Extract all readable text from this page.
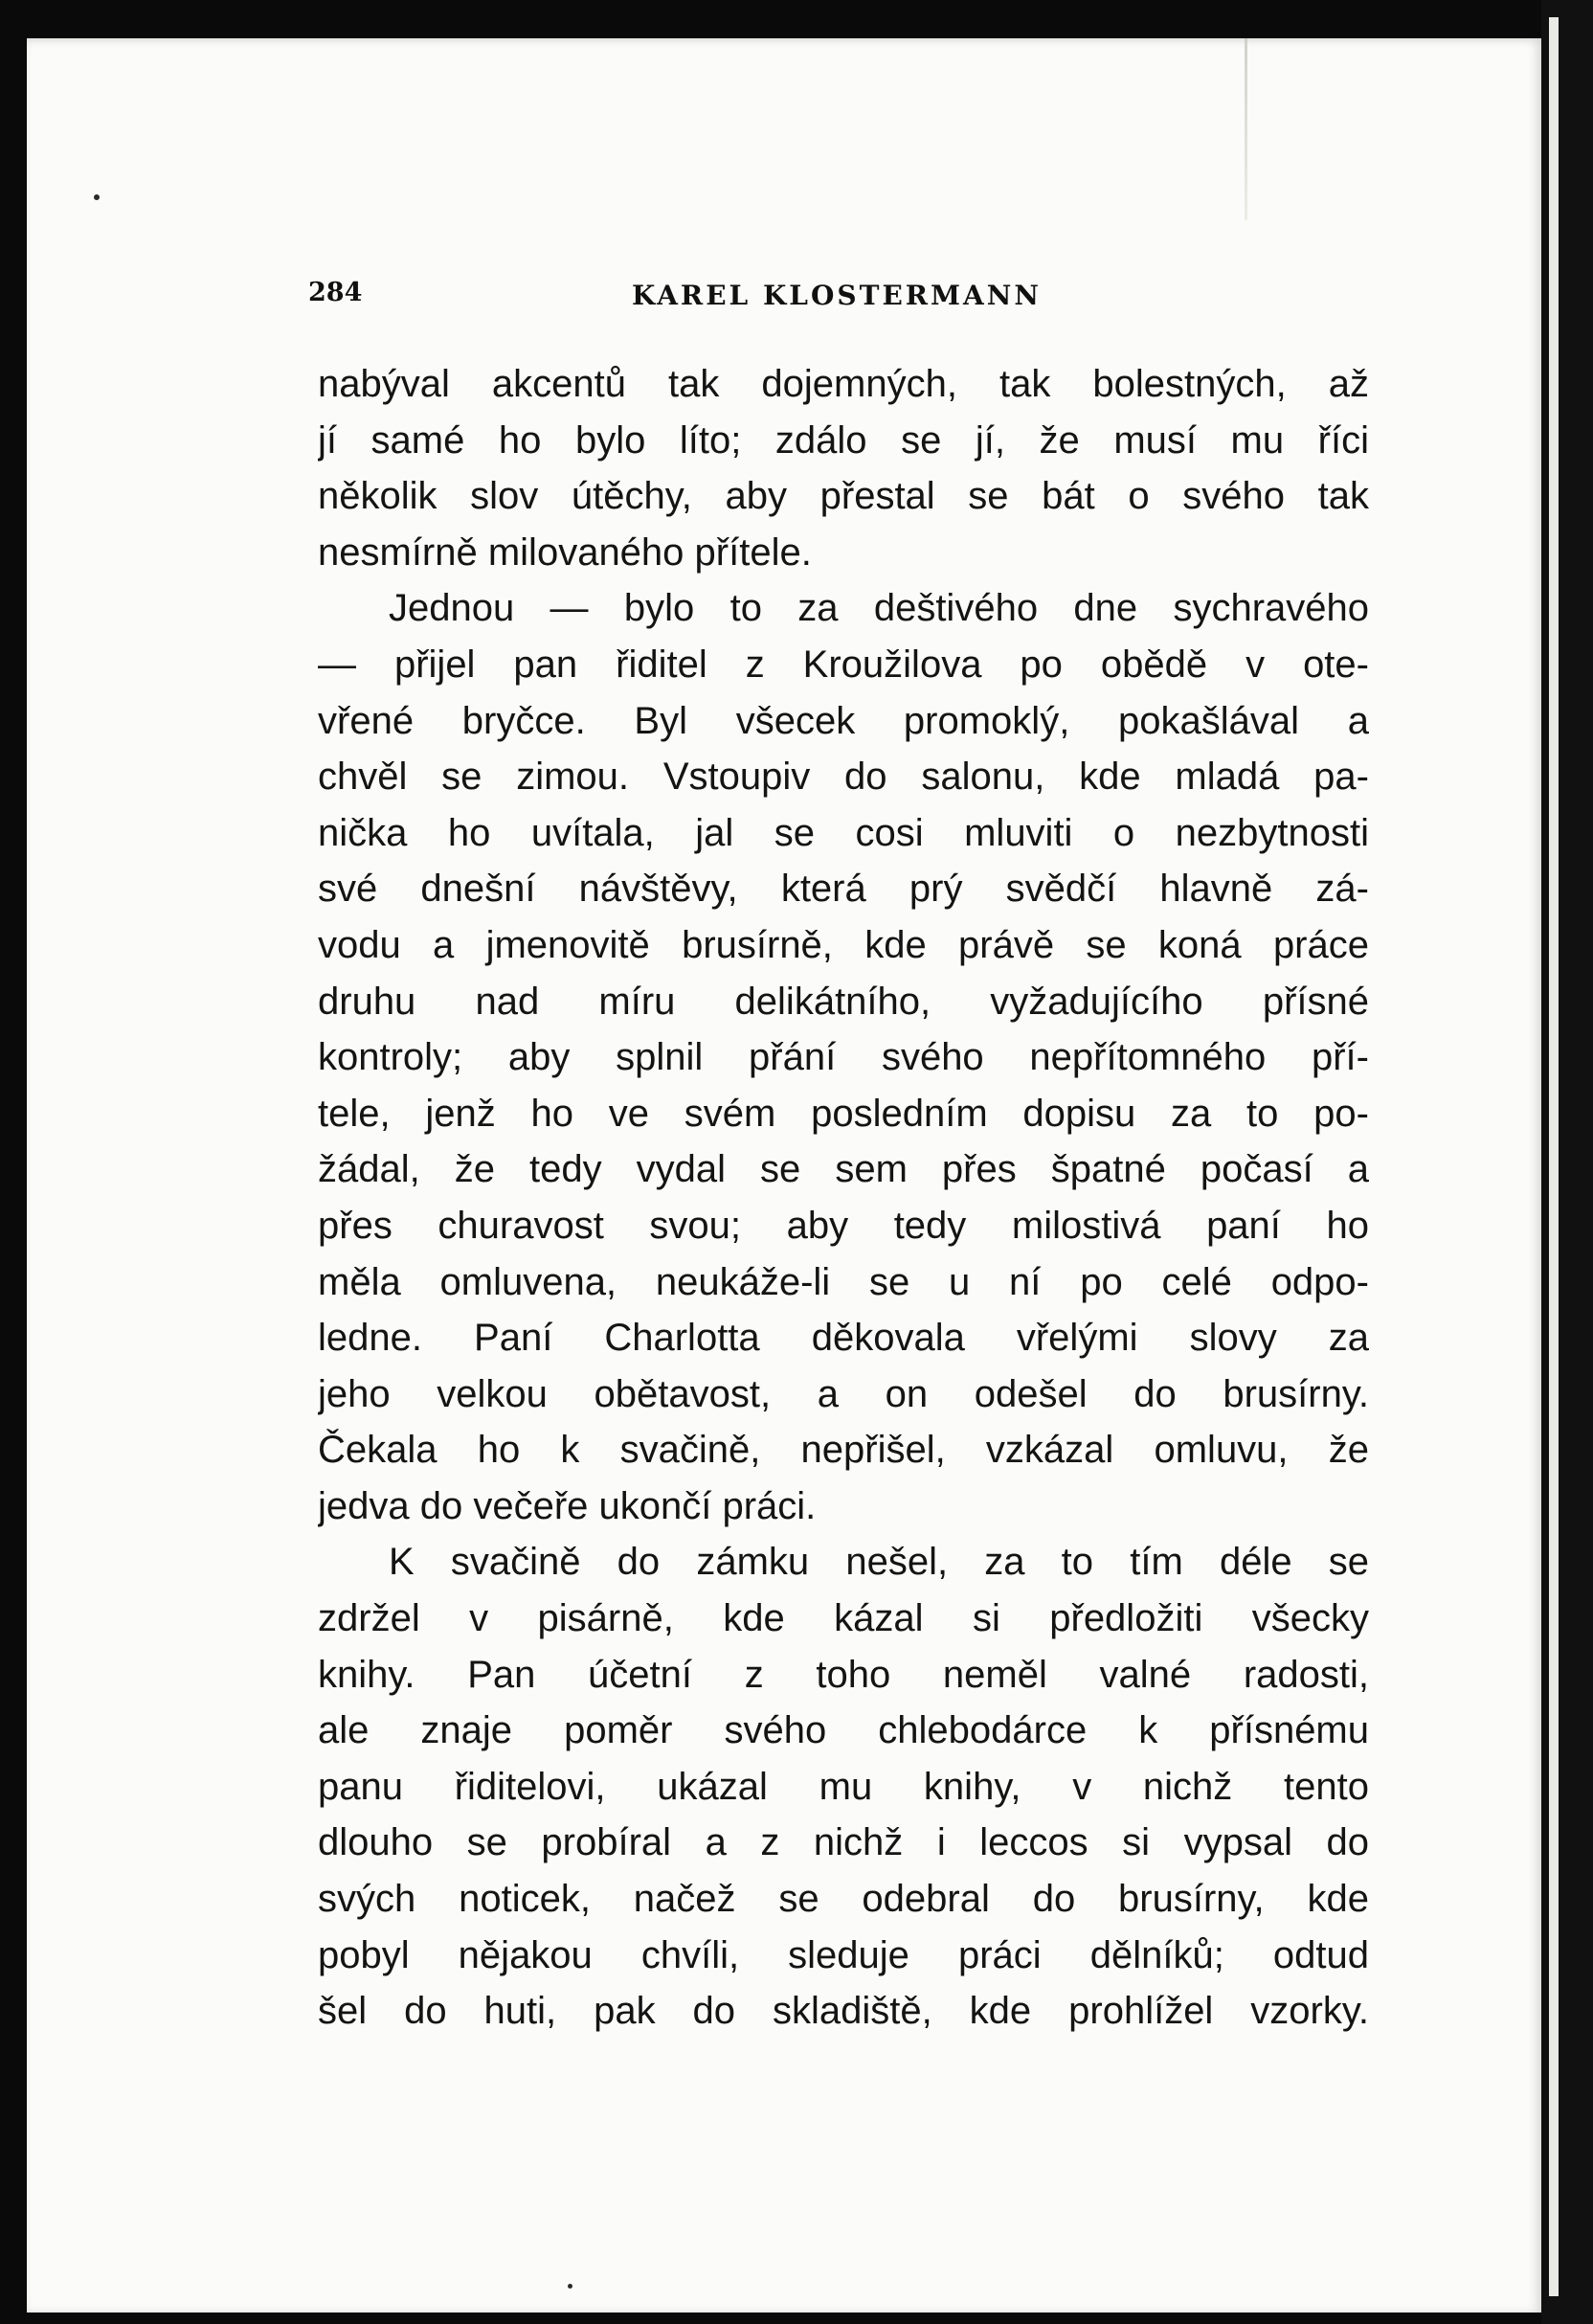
284	KAREL KLOSTERMANN
nabýval akcentů tak dojemných, tak bolestných, až
jí samé ho bylo líto; zdálo se jí, že musí mu říci
několik slov útěchy, aby přestal se bát o svého tak
nesmírně milovaného přítele.
Jednou — bylo to za deštivého dne sychravého
— přijel pan řiditel z Kroužilova po obědě v ote-
vřené bryčce. Byl všecek promoklý, pokašlával a
chvěl se zimou. Vstoupiv do salonu, kde mladá pa-
nička ho uvítala, jal se cosi mluviti o nezbytnosti
své dnešní návštěvy, která prý svědčí hlavně zá-
vodu a jmenovitě brusírně, kde právě se koná práce
druhu nad míru delikátního, vyžadujícího přísné
kontroly; aby splnil přání svého nepřítomného pří-
tele, jenž ho ve svém posledním dopisu za to po-
žádal, že tedy vydal se sem přes špatné počasí a
přes churavost svou; aby tedy milostivá paní ho
měla omluvena, neukáže-li se u ní po celé odpo-
ledne. Paní Charlotta děkovala vřelými slovy za
jeho velkou obětavost, a on odešel do brusírny.
Čekala ho k svačině, nepřišel, vzkázal omluvu, že
jedva do večeře ukončí práci.
K svačině do zámku nešel, za to tím déle se
zdržel v pisárně, kde kázal si předložiti všecky
knihy. Pan účetní z toho neměl valné radosti,
ale znaje poměr svého chlebodárce k přísnému
panu řiditelovi, ukázal mu knihy, v nichž tento
dlouho se probíral a z nichž i leccos si vypsal do
svých noticek, načež se odebral do brusírny, kde
pobyl nějakou chvíli, sleduje práci dělníků; odtud
šel do huti, pak do skladiště, kde prohlížel vzorky.
